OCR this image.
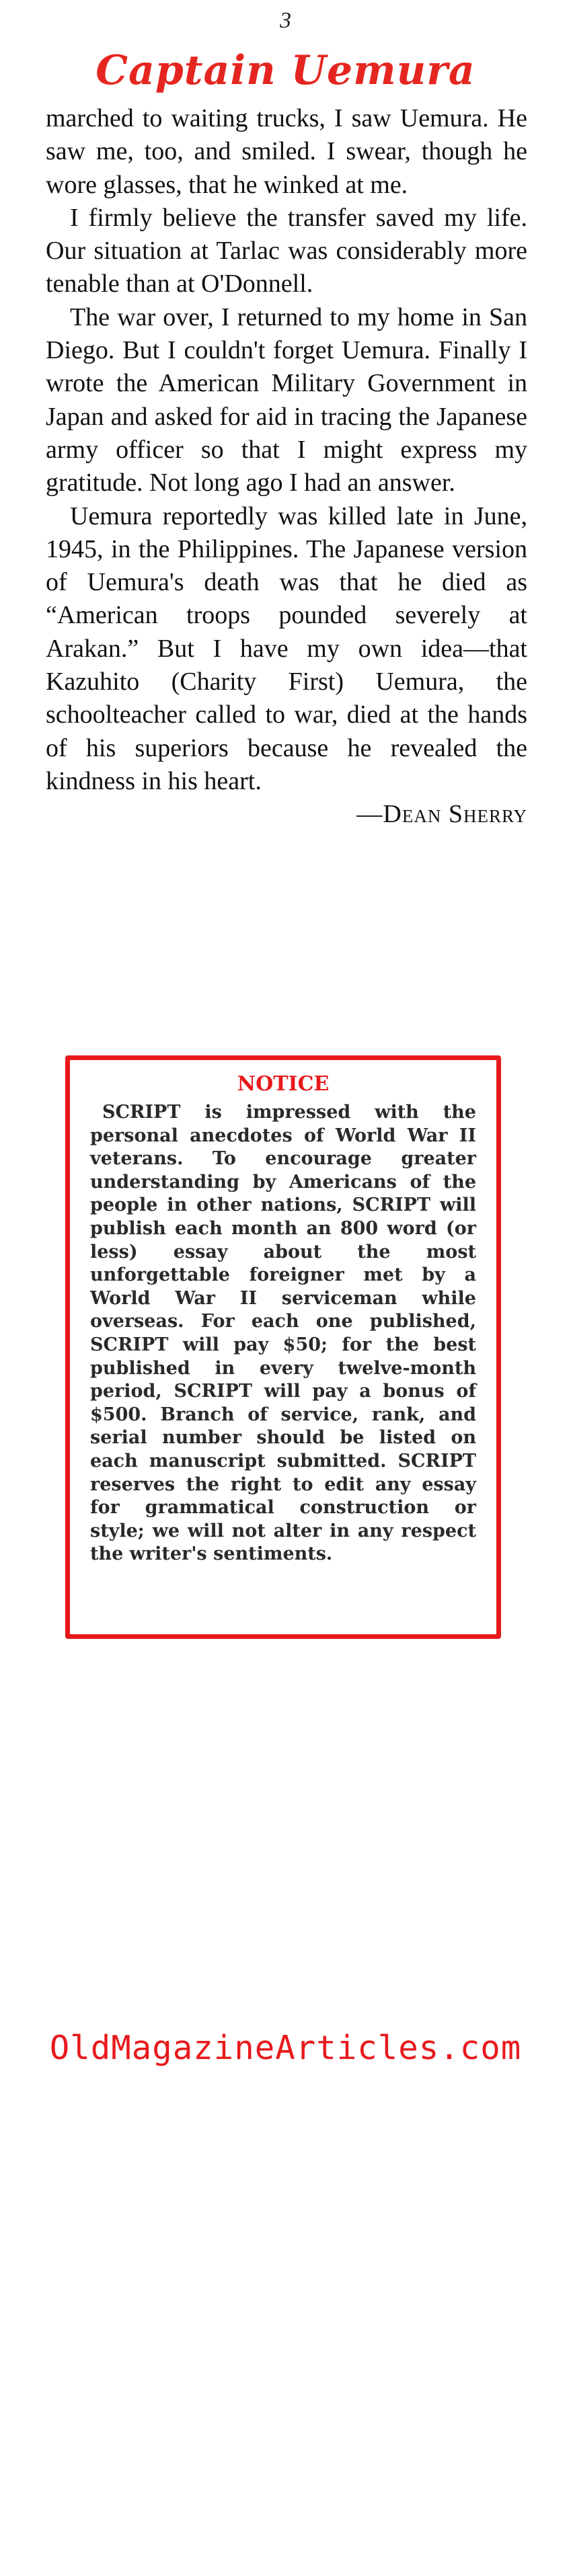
3
Captain Uemura

marched to waiting trucks, I saw Uemura. He saw me, too, and smiled. I swear, though he wore glasses, that he winked at me.

I firmly believe the transfer saved my life. Our situation at Tarlac was considerably more tenable than at O'Donnell.

The war over, I returned to my home in San Diego. But I couldn't forget Uemura. Finally I wrote the American Military Government in Japan and asked for aid in tracing the Japanese army officer so that I might express my gratitude. Not long ago I had an answer.

Uemura reportedly was killed late in June, 1945, in the Philippines. The Japanese version of Uemura's death was that he died as “American troops pounded severely at Arakan.” But I have my own idea—that Kazuhito (Charity First) Uemura, the schoolteacher called to war, died at the hands of his superiors because he revealed the kindness in his heart.

—Dean Sherry
NOTICE

SCRIPT is impressed with the personal anecdotes of World War II veterans. To encourage greater understanding by Americans of the people in other nations, SCRIPT will publish each month an 800 word (or less) essay about the most unforgettable foreigner met by a World War II serviceman while overseas. For each one published, SCRIPT will pay $50; for the best published in every twelve-month period, SCRIPT will pay a bonus of $500. Branch of service, rank, and serial number should be listed on each manuscript submitted. SCRIPT reserves the right to edit any essay for grammatical construction or style; we will not alter in any respect the writer's sentiments.

OldMagazineArticles.com
